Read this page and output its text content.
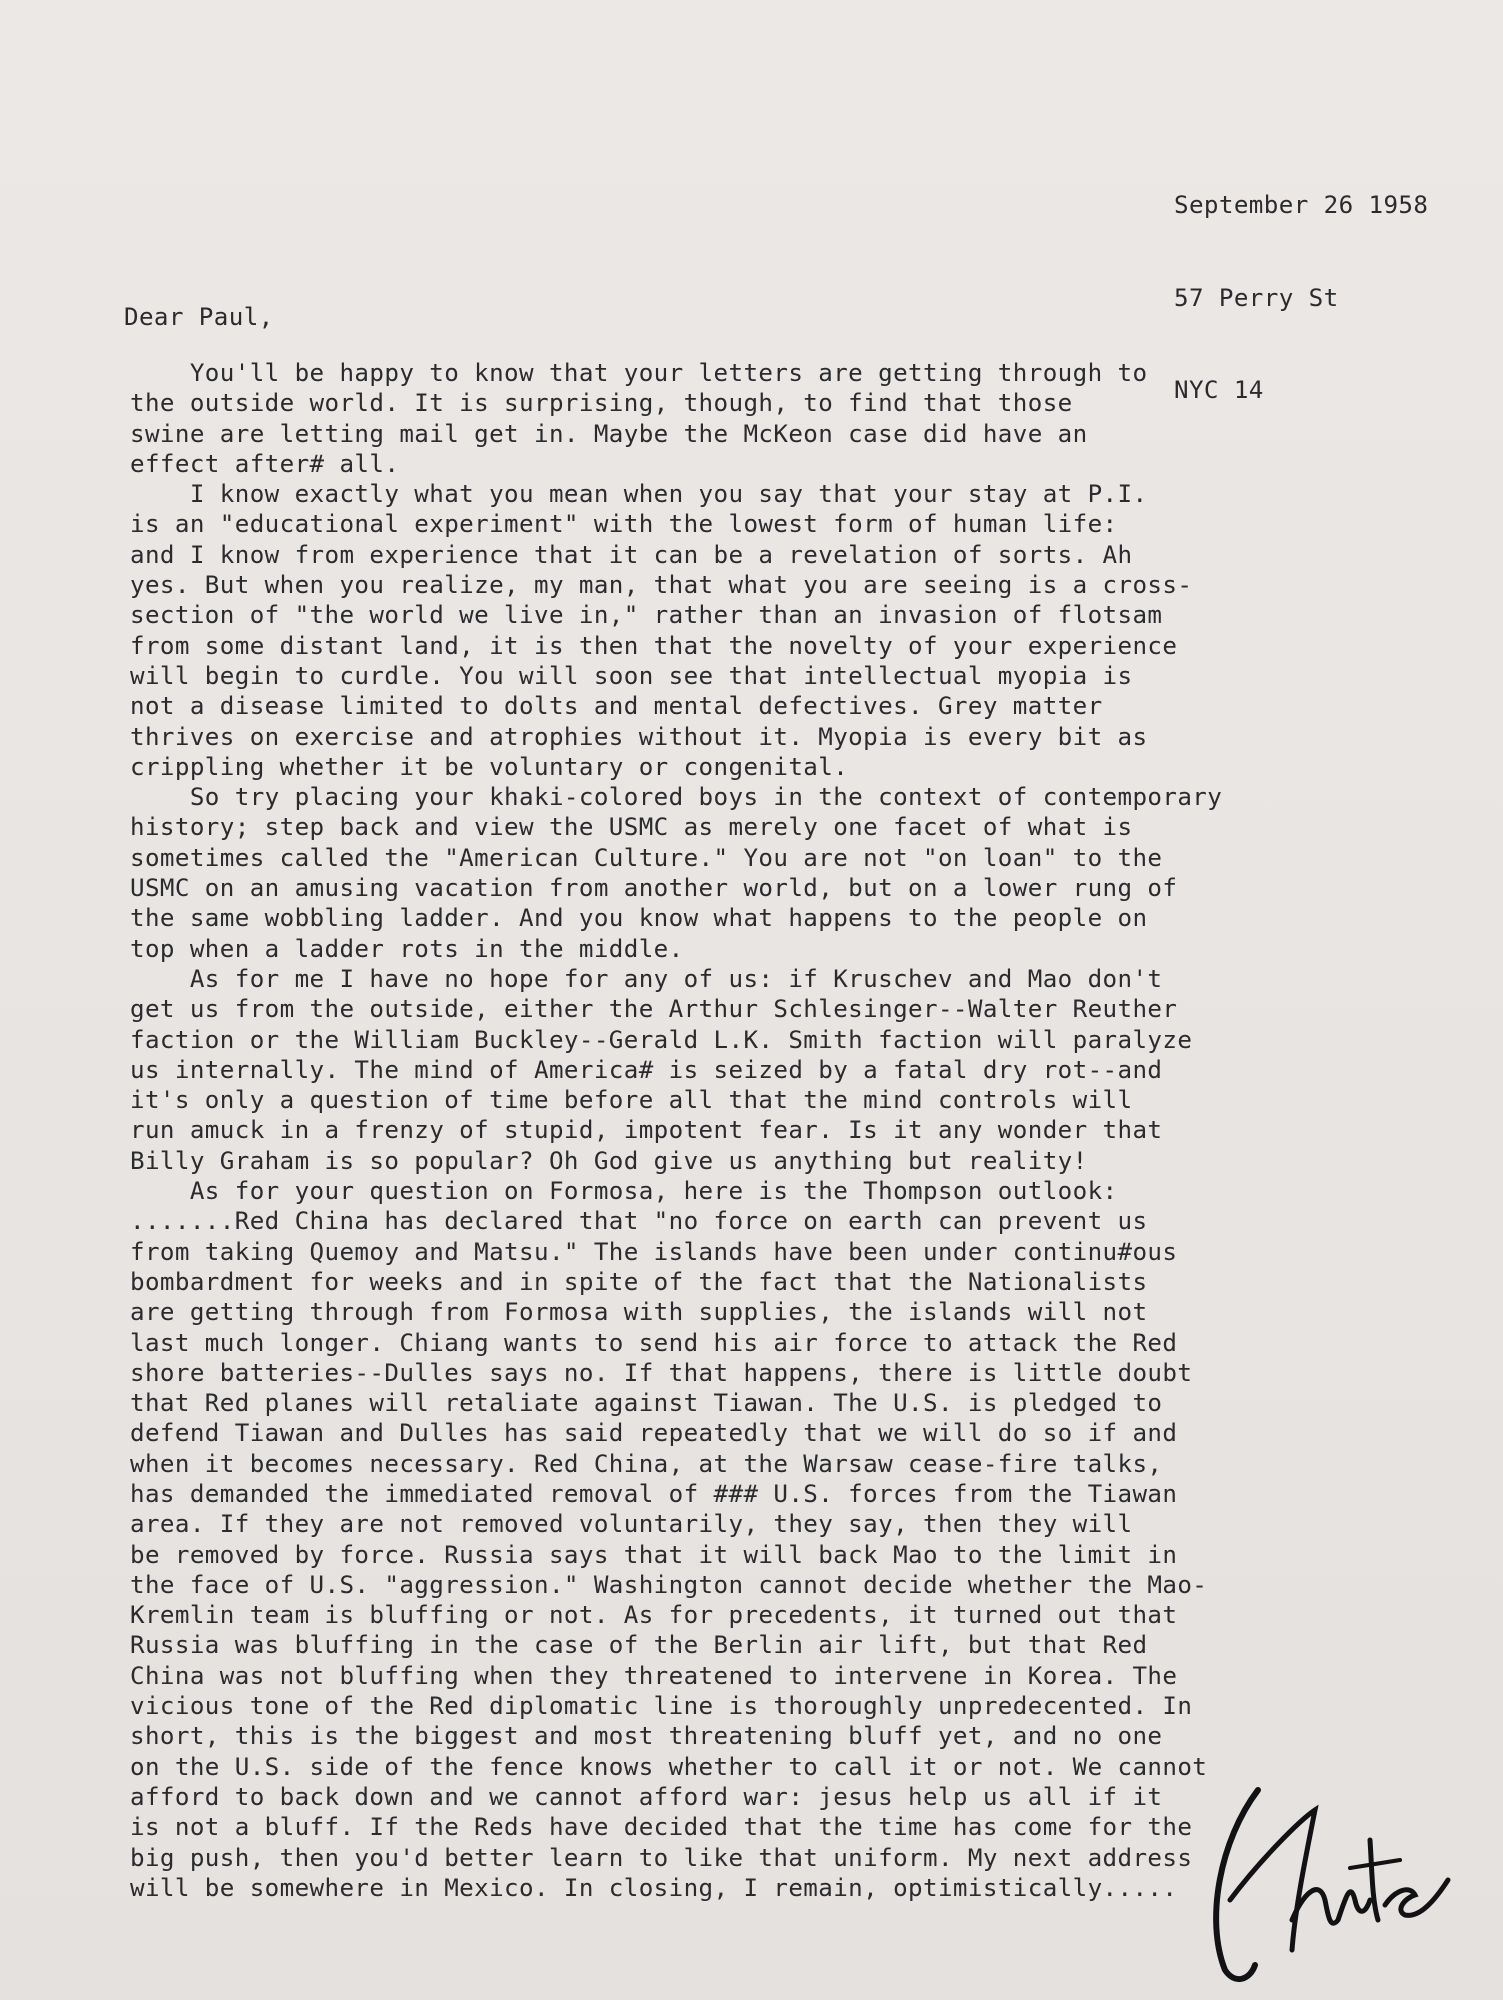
September 26 1958

57 Perry St

NYC 14

Dear Paul,
You'll be happy to know that your letters are getting through to
the outside world. It is surprising, though, to find that those
swine are letting mail get in. Maybe the McKeon case did have an
effect after# all.
I know exactly what you mean when you say that your stay at P.I.
is an "educational experiment" with the lowest form of human life:
and I know from experience that it can be a revelation of sorts. Ah
yes. But when you realize, my man, that what you are seeing is a cross-
section of "the world we live in," rather than an invasion of flotsam
from some distant land, it is then that the novelty of your experience
will begin to curdle. You will soon see that intellectual myopia is
not a disease limited to dolts and mental defectives. Grey matter
thrives on exercise and atrophies without it. Myopia is every bit as
crippling whether it be voluntary or congenital.
So try placing your khaki-colored boys in the context of contemporary
history; step back and view the USMC as merely one facet of what is
sometimes called the "American Culture." You are not "on loan" to the
USMC on an amusing vacation from another world, but on a lower rung of
the same wobbling ladder. And you know what happens to the people on
top when a ladder rots in the middle.
As for me I have no hope for any of us: if Kruschev and Mao don't
get us from the outside, either the Arthur Schlesinger--Walter Reuther
faction or the William Buckley--Gerald L.K. Smith faction will paralyze
us internally. The mind of America# is seized by a fatal dry rot--and
it's only a question of time before all that the mind controls will
run amuck in a frenzy of stupid, impotent fear. Is it any wonder that
Billy Graham is so popular? Oh God give us anything but reality!
As for your question on Formosa, here is the Thompson outlook:
.......Red China has declared that "no force on earth can prevent us
from taking Quemoy and Matsu." The islands have been under continu#ous
bombardment for weeks and in spite of the fact that the Nationalists
are getting through from Formosa with supplies, the islands will not
last much longer. Chiang wants to send his air force to attack the Red
shore batteries--Dulles says no. If that happens, there is little doubt
that Red planes will retaliate against Tiawan. The U.S. is pledged to
defend Tiawan and Dulles has said repeatedly that we will do so if and
when it becomes necessary. Red China, at the Warsaw cease-fire talks,
has demanded the immediated removal of ### U.S. forces from the Tiawan
area. If they are not removed voluntarily, they say, then they will
be removed by force. Russia says that it will back Mao to the limit in
the face of U.S. "aggression." Washington cannot decide whether the Mao-
Kremlin team is bluffing or not. As for precedents, it turned out that
Russia was bluffing in the case of the Berlin air lift, but that Red
China was not bluffing when they threatened to intervene in Korea. The
vicious tone of the Red diplomatic line is thoroughly unpredecented. In
short, this is the biggest and most threatening bluff yet, and no one
on the U.S. side of the fence knows whether to call it or not. We cannot
afford to back down and we cannot afford war: jesus help us all if it
is not a bluff. If the Reds have decided that the time has come for the
big push, then you'd better learn to like that uniform. My next address
will be somewhere in Mexico. In closing, I remain, optimistically.....
